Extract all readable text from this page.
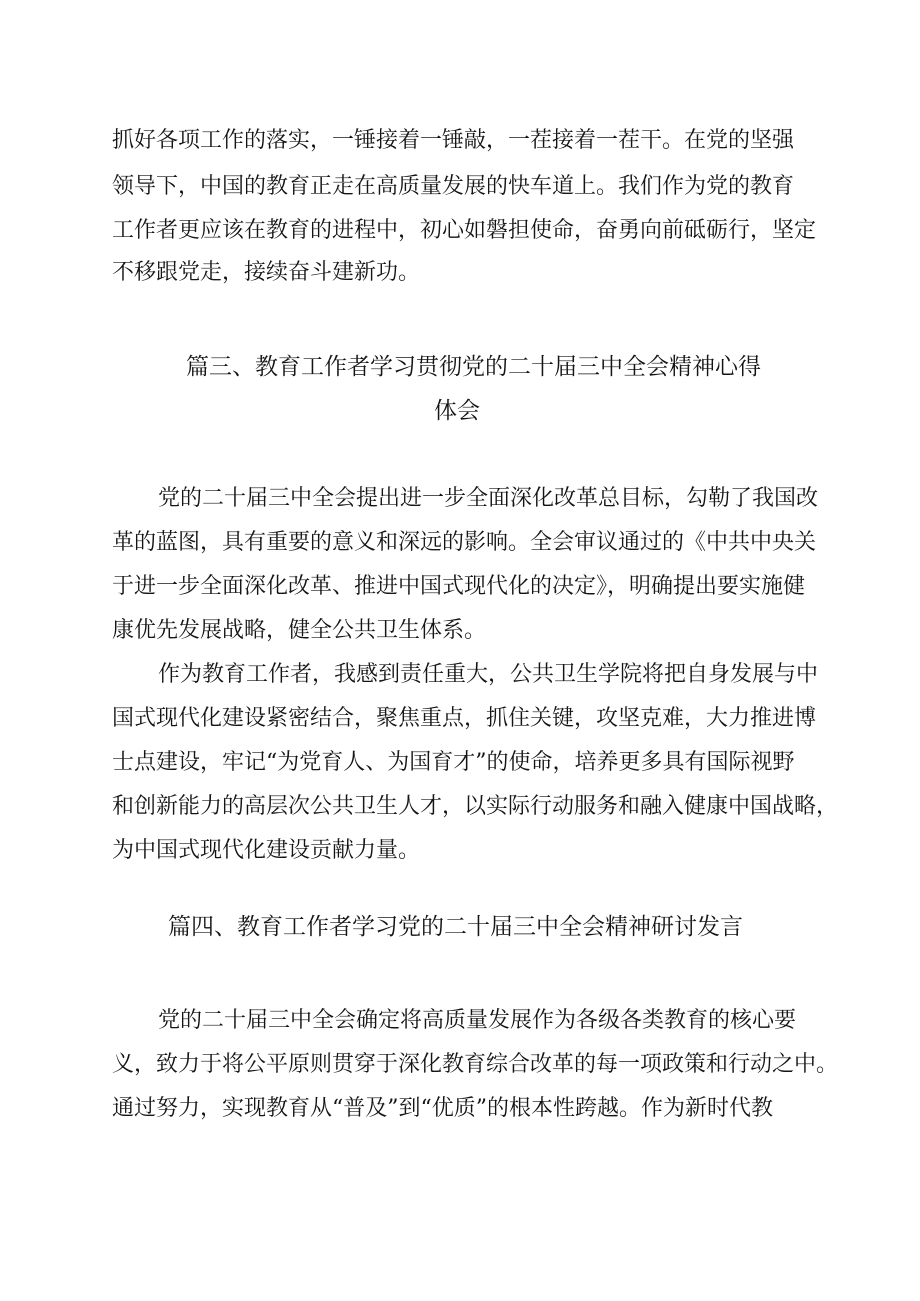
抓好各项工作的落实，一锤接着一锤敲，一茬接着一茬干。在党的坚强
领导下，中国的教育正走在高质量发展的快车道上。我们作为党的教育
工作者更应该在教育的进程中，初心如磐担使命，奋勇向前砥砺行，坚定
不移跟党走，接续奋斗建新功。
篇三、教育工作者学习贯彻党的二十届三中全会精神心得
体会
党的二十届三中全会提出进一步全面深化改革总目标，勾勒了我国改
革的蓝图，具有重要的意义和深远的影响。全会审议通过的《中共中央关
于进一步全面深化改革、推进中国式现代化的决定》，明确提出要实施健
康优先发展战略，健全公共卫生体系。
作为教育工作者，我感到责任重大，公共卫生学院将把自身发展与中
国式现代化建设紧密结合，聚焦重点，抓住关键，攻坚克难，大力推进博
士点建设，牢记“为党育人、为国育才”的使命，培养更多具有国际视野
和创新能力的高层次公共卫生人才，以实际行动服务和融入健康中国战略，
为中国式现代化建设贡献力量。
篇四、教育工作者学习党的二十届三中全会精神研讨发言
党的二十届三中全会确定将高质量发展作为各级各类教育的核心要
义，致力于将公平原则贯穿于深化教育综合改革的每一项政策和行动之中。
通过努力，实现教育从“普及”到“优质”的根本性跨越。作为新时代教
